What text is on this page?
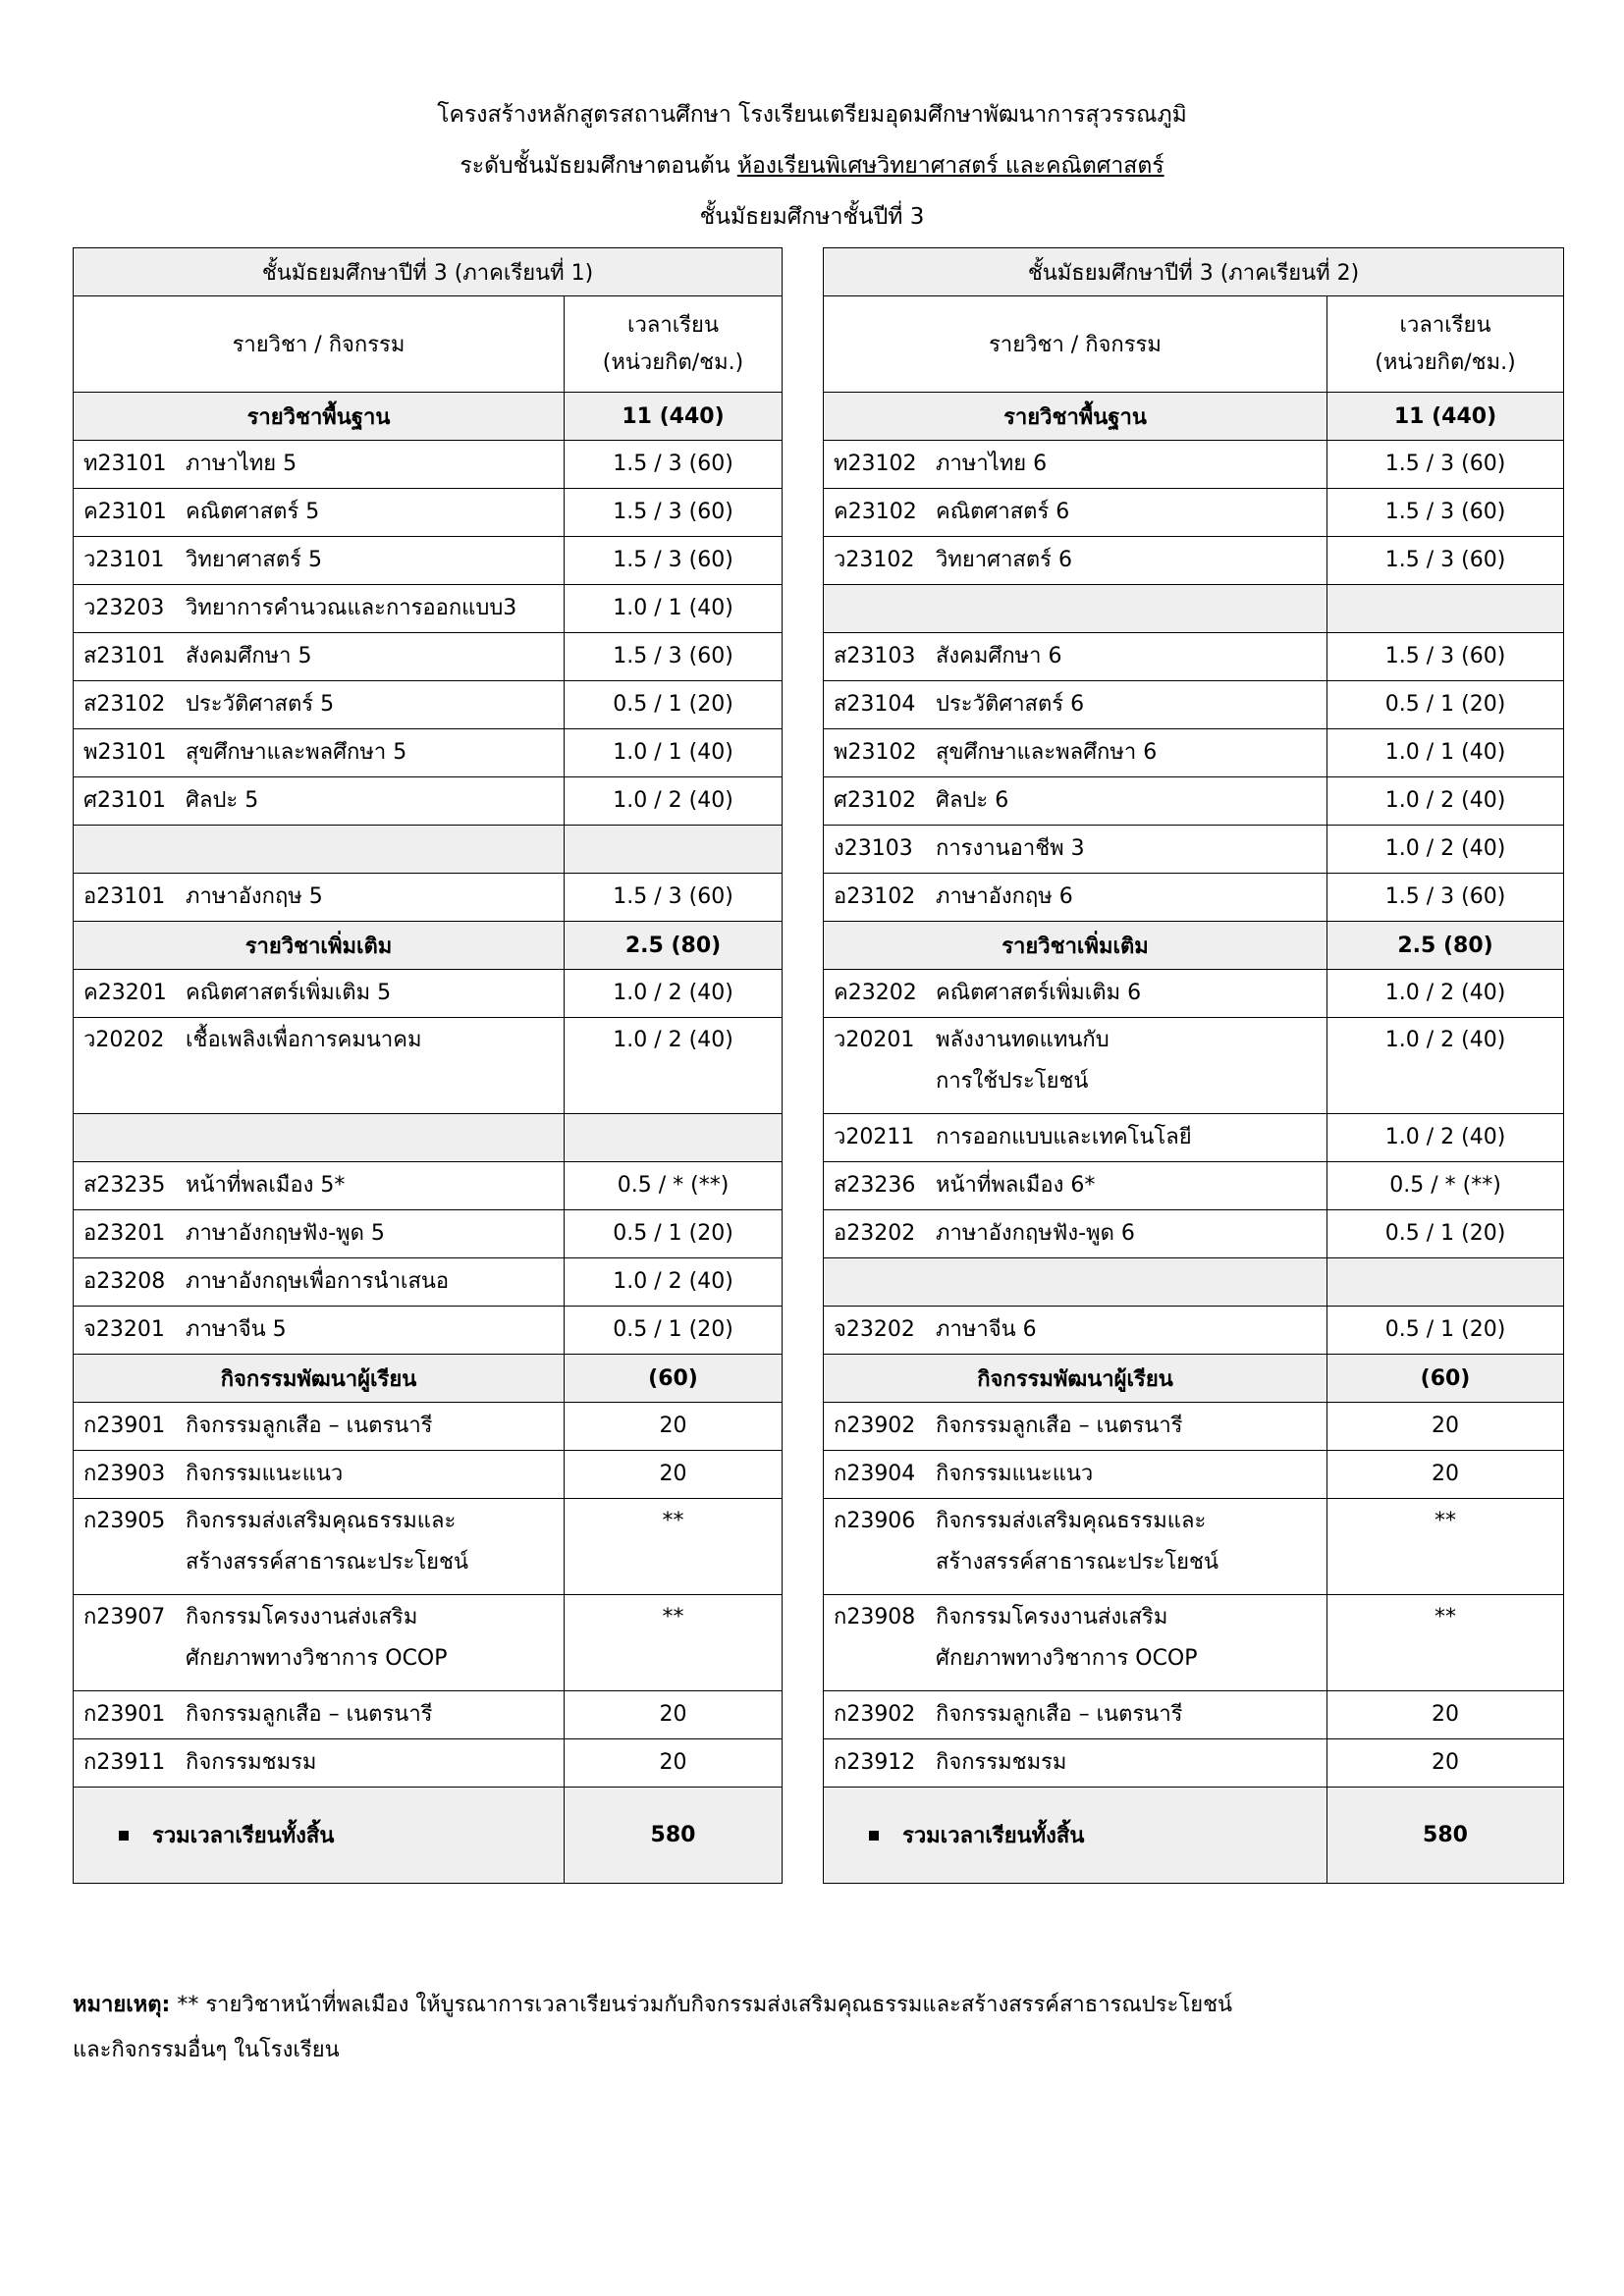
โครงสร้างหลักสูตรสถานศึกษา โรงเรียนเตรียมอุดมศึกษาพัฒนาการสุวรรณภูมิ
ระดับชั้นมัธยมศึกษาตอนต้น ห้องเรียนพิเศษวิทยาศาสตร์ และคณิตศาสตร์
ชั้นมัธยมศึกษาชั้นปีที่ 3
ชั้นมัธยมศึกษาปีที่ 3 (ภาคเรียนที่ 1)	
รายวิชา / กิจกรรม	เวลาเรียน
(หน่วยกิต/ชม.)

รายวิชาพื้นฐาน	11 (440)

ท23101 ภาษาไทย 5	1.5 / 3 (60)

ค23101 คณิตศาสตร์ 5	1.5 / 3 (60)

ว23101 วิทยาศาสตร์ 5	1.5 / 3 (60)

ว23203 วิทยาการคำนวณและการออกแบบ3	1.0 / 1 (40)

ส23101 สังคมศึกษา 5	1.5 / 3 (60)

ส23102 ประวัติศาสตร์ 5	0.5 / 1 (20)

พ23101 สุขศึกษาและพลศึกษา 5	1.0 / 1 (40)

ศ23101 ศิลปะ 5	1.0 / 2 (40)

อ23101 ภาษาอังกฤษ 5	1.5 / 3 (60)

รายวิชาเพิ่มเติม	2.5 (80)

ค23201 คณิตศาสตร์เพิ่มเติม 5	1.0 / 2 (40)

ว20202 เชื้อเพลิงเพื่อการคมนาคม	1.0 / 2 (40)

ส23235 หน้าที่พลเมือง 5*	0.5 / * (**)

อ23201 ภาษาอังกฤษฟัง-พูด 5	0.5 / 1 (20)

อ23208 ภาษาอังกฤษเพื่อการนำเสนอ	1.0 / 2 (40)

จ23201 ภาษาจีน 5	0.5 / 1 (20)

กิจกรรมพัฒนาผู้เรียน	(60)

ก23901 กิจกรรมลูกเสือ – เนตรนารี	20

ก23903 กิจกรรมแนะแนว	20

ก23905 กิจกรรมส่งเสริมคุณธรรมและ
สร้างสรรค์สาธารณะประโยชน์	**

ก23907 กิจกรรมโครงงานส่งเสริม
ศักยภาพทางวิชาการ OCOP	**

ก23901 กิจกรรมลูกเสือ – เนตรนารี	20

ก23911 กิจกรรมชมรม	20

รวมเวลาเรียนทั้งสิ้น	580
ชั้นมัธยมศึกษาปีที่ 3 (ภาคเรียนที่ 2)	
รายวิชา / กิจกรรม	เวลาเรียน
(หน่วยกิต/ชม.)

รายวิชาพื้นฐาน	11 (440)

ท23102 ภาษาไทย 6	1.5 / 3 (60)

ค23102 คณิตศาสตร์ 6	1.5 / 3 (60)

ว23102 วิทยาศาสตร์ 6	1.5 / 3 (60)

ส23103 สังคมศึกษา 6	1.5 / 3 (60)

ส23104 ประวัติศาสตร์ 6	0.5 / 1 (20)

พ23102 สุขศึกษาและพลศึกษา 6	1.0 / 1 (40)

ศ23102 ศิลปะ 6	1.0 / 2 (40)

ง23103 การงานอาชีพ 3	1.0 / 2 (40)

อ23102 ภาษาอังกฤษ 6	1.5 / 3 (60)

รายวิชาเพิ่มเติม	2.5 (80)

ค23202 คณิตศาสตร์เพิ่มเติม 6	1.0 / 2 (40)

ว20201 พลังงานทดแทนกับ
การใช้ประโยชน์	1.0 / 2 (40)

ว20211 การออกแบบและเทคโนโลยี	1.0 / 2 (40)

ส23236 หน้าที่พลเมือง 6*	0.5 / * (**)

อ23202 ภาษาอังกฤษฟัง-พูด 6	0.5 / 1 (20)

จ23202 ภาษาจีน 6	0.5 / 1 (20)

กิจกรรมพัฒนาผู้เรียน	(60)

ก23902 กิจกรรมลูกเสือ – เนตรนารี	20

ก23904 กิจกรรมแนะแนว	20

ก23906 กิจกรรมส่งเสริมคุณธรรมและ
สร้างสรรค์สาธารณะประโยชน์	**

ก23908 กิจกรรมโครงงานส่งเสริม
ศักยภาพทางวิชาการ OCOP	**

ก23902 กิจกรรมลูกเสือ – เนตรนารี	20

ก23912 กิจกรรมชมรม	20

รวมเวลาเรียนทั้งสิ้น	580
หมายเหตุ: ** รายวิชาหน้าที่พลเมือง ให้บูรณาการเวลาเรียนร่วมกับกิจกรรมส่งเสริมคุณธรรมและสร้างสรรค์สาธารณประโยชน์
และกิจกรรมอื่นๆ ในโรงเรียน
